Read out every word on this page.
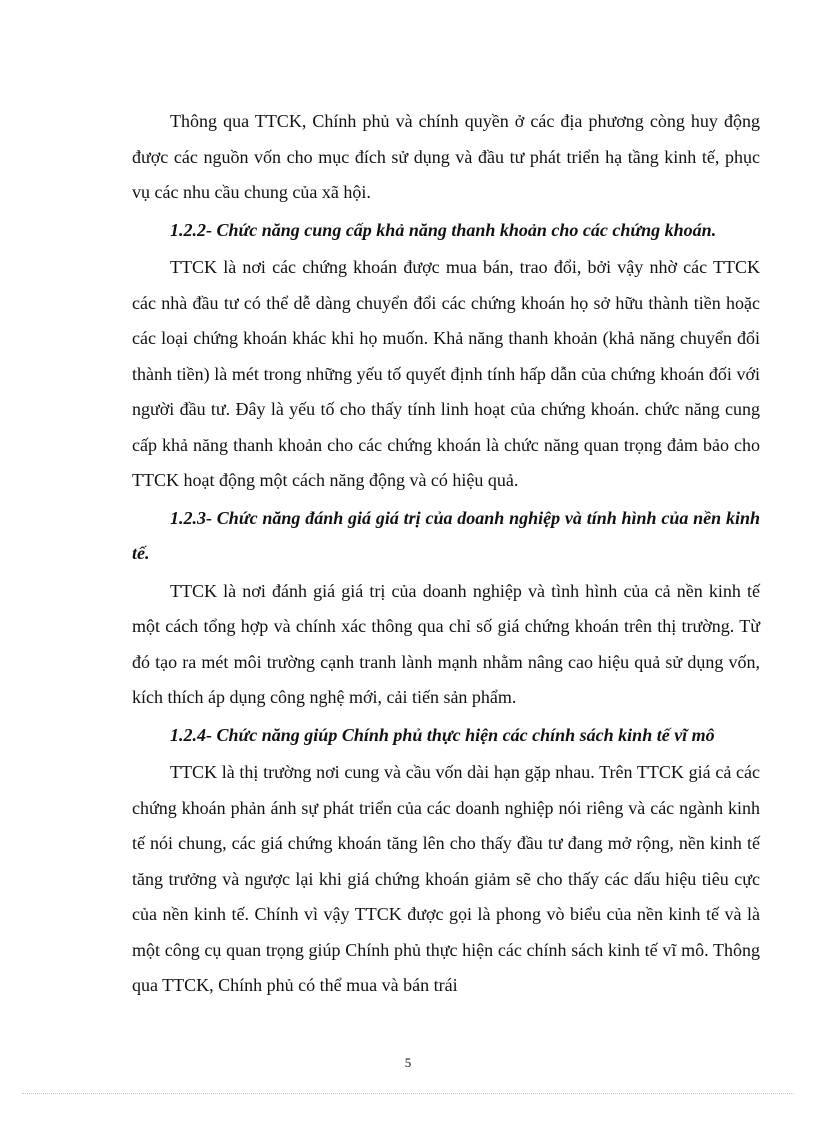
Thông qua TTCK, Chính phủ và chính quyền ở các địa phương còng huy động được các nguồn vốn cho mục đích sử dụng và đầu tư phát triển hạ tầng kinh tế, phục vụ các nhu cầu chung của xã hội.

1.2.2- Chức năng cung cấp khả năng thanh khoản cho các chứng khoán.

TTCK là nơi các chứng khoán được mua bán, trao đổi, bởi vậy nhờ các TTCK các nhà đầu tư có thể dễ dàng chuyển đổi các chứng khoán họ sở hữu thành tiền hoặc các loại chứng khoán khác khi họ muốn. Khả năng thanh khoản (khả năng chuyển đổi thành tiền) là mét trong những yếu tố quyết định tính hấp dẫn của chứng khoán đối với người đầu tư. Đây là yếu tố cho thấy tính linh hoạt của chứng khoán. chức năng cung cấp khả năng thanh khoản cho các chứng khoán là chức năng quan trọng đảm bảo cho TTCK hoạt động một cách năng động và có hiệu quả.

1.2.3- Chức năng đánh giá giá trị của doanh nghiệp và tính hình của nền kinh tế.

TTCK là nơi đánh giá giá trị của doanh nghiệp và tình hình của cả nền kinh tế một cách tổng hợp và chính xác thông qua chỉ số giá chứng khoán trên thị trường. Từ đó tạo ra mét môi trường cạnh tranh lành mạnh nhằm nâng cao hiệu quả sử dụng vốn, kích thích áp dụng công nghệ mới, cải tiến sản phẩm.

1.2.4- Chức năng giúp Chính phủ thực hiện các chính sách kinh tế vĩ mô

TTCK là thị trường nơi cung và cầu vốn dài hạn gặp nhau. Trên TTCK giá cả các chứng khoán phản ánh sự phát triển của các doanh nghiệp nói riêng và các ngành kinh tế nói chung, các giá chứng khoán tăng lên cho thấy đầu tư đang mở rộng, nền kinh tế tăng trưởng và ngược lại khi giá chứng khoán giảm sẽ cho thấy các dấu hiệu tiêu cực của nền kinh tế. Chính vì vậy TTCK được gọi là phong vò biểu của nền kinh tế và là một công cụ quan trọng giúp Chính phủ thực hiện các chính sách kinh tế vĩ mô. Thông qua TTCK, Chính phủ có thể mua và bán trái

5
